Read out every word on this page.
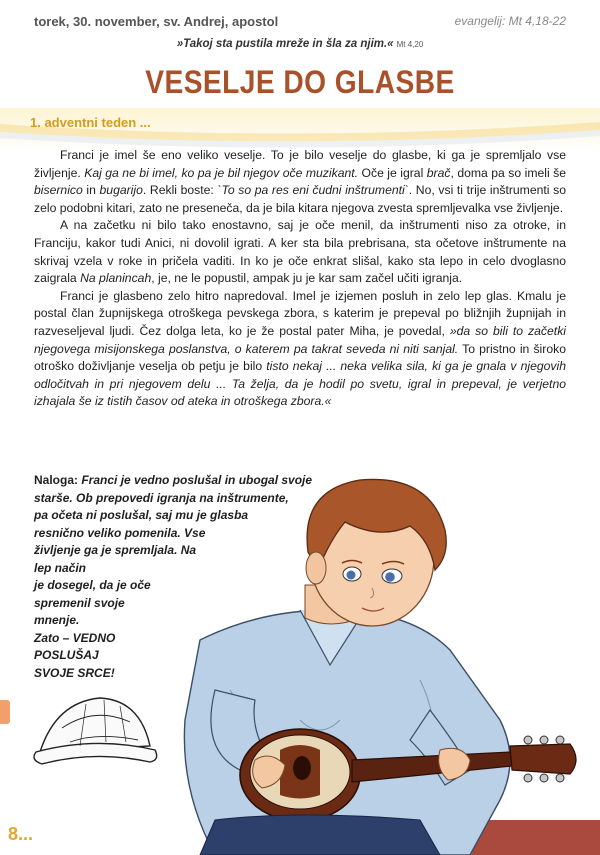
torek, 30. november, sv. Andrej, apostol	evangelij: Mt 4,18-22
»Takoj sta pustila mreže in šla za njim.« Mt 4,20
VESELJE DO GLASBE
1. adventni teden ...

Franci je imel še eno veliko veselje. To je bilo veselje do glasbe, ki ga je spremljalo vse življenje. Kaj ga ne bi imel, ko pa je bil njegov oče muzikant. Oče je igral brač, doma pa so imeli še bisernico in bugarijo. Rekli boste: `To so pa res eni čudni inštrumenti`. No, vsi ti trije inštrumenti so zelo podobni kitari, zato ne preseneča, da je bila kitara njegova zvesta spremljevalka vse življenje.

A na začetku ni bilo tako enostavno, saj je oče menil, da inštrumenti niso za otroke, in Franciju, kakor tudi Anici, ni dovolil igrati. A ker sta bila prebrisana, sta očetove inštrumente na skrivaj vzela v roke in pričela vaditi. In ko je oče enkrat slišal, kako sta lepo in celo dvoglasno zaigrala Na planincah, je, ne le popustil, ampak ju je kar sam začel učiti igranja.

Franci je glasbeno zelo hitro napredoval. Imel je izjemen posluh in zelo lep glas. Kmalu je postal član župnijskega otroškega pevskega zbora, s katerim je prepeval po bližnjih župnijah in razveseljeval ljudi. Čez dolga leta, ko je že postal pater Miha, je povedal, »da so bili to začetki njegovega misijonskega poslanstva, o katerem pa takrat seveda ni niti sanjal. To pristno in široko otroško doživljanje veselja ob petju je bilo tisto nekaj ... neka velika sila, ki ga je gnala v njegovih odločitvah in pri njegovem delu ... Ta želja, da je hodil po svetu, igral in prepeval, je verjetno izhajala še iz tistih časov od ateka in otroškega zbora.«

Naloga: Franci je vedno poslušal in ubogal svoje
starše. Ob prepovedi igranja na inštrumente,
pa očeta ni poslušal, saj mu je glasba
resnično veliko pomenila. Vse
življenje ga je spremljala. Na
lep način
je dosegel, da je oče
spremenil svoje
mnenje.
Zato – VEDNO
POSLUŠAJ
SVOJE SRCE!
8...
